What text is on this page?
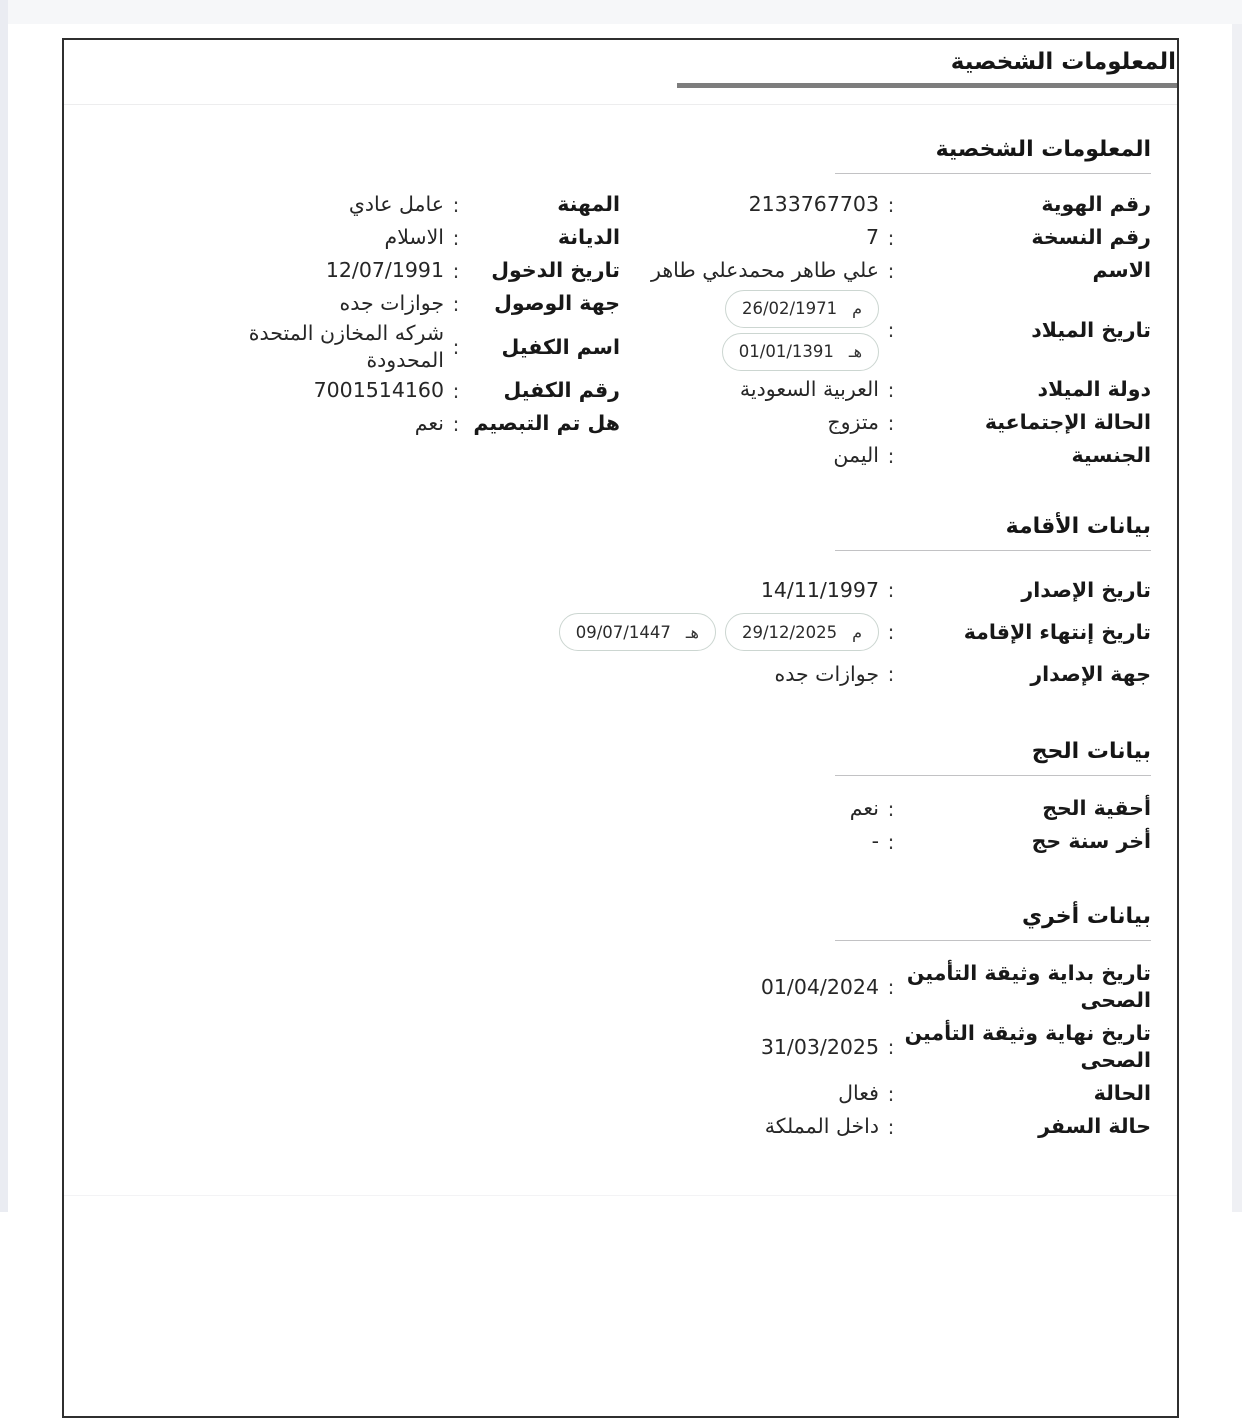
المعلومات الشخصية
المعلومات الشخصية
رقم الهوية
:
2133767703
رقم النسخة
:
7
الاسم
:
علي طاهر محمدعلي طاهر
تاريخ الميلاد
:
م
26/02/1971
هـ
01/01/1391
دولة الميلاد
:
العربية السعودية
الحالة الإجتماعية
:
متزوج
الجنسية
:
اليمن
المهنة
:
عامل عادي
الديانة
:
الاسلام
تاريخ الدخول
:
12/07/1991
جهة الوصول
:
جوازات جده
اسم الكفيل
:
شركه المخازن المتحدة المحدودة
رقم الكفيل
:
7001514160
هل تم التبصيم
:
نعم
بيانات الأقامة
تاريخ الإصدار
:
14/11/1997
تاريخ إنتهاء الإقامة
:
م
29/12/2025
هـ
09/07/1447
جهة الإصدار
:
جوازات جده
بيانات الحج
أحقية الحج
:
نعم
أخر سنة حج
:
-
بيانات أخري
تاريخ بداية وثيقة التأمين الصحى
:
01/04/2024
تاريخ نهاية وثيقة التأمين الصحى
:
31/03/2025
الحالة
:
فعال
حالة السفر
:
داخل المملكة
